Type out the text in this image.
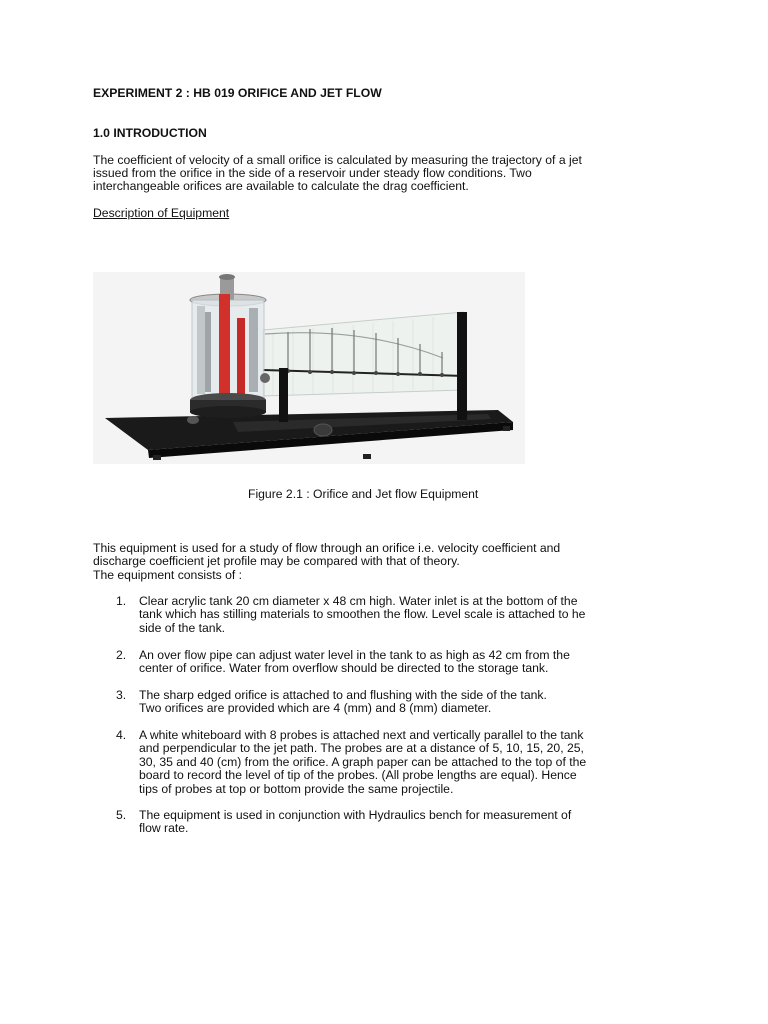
EXPERIMENT 2 : HB 019 ORIFICE AND JET FLOW
1.0 INTRODUCTION
The coefficient of velocity of a small orifice is calculated by measuring the trajectory of a jet
issued from the orifice in the side of a reservoir under steady flow conditions. Two
interchangeable orifices are available to calculate the drag coefficient.
Description of Equipment
Figure 2.1 : Orifice and Jet flow Equipment
This equipment is used for a study of flow through an orifice i.e. velocity coefficient and
discharge coefficient jet profile may be compared with that of theory.
The equipment consists of :
1.	Clear acrylic tank 20 cm diameter x 48 cm high. Water inlet is at the bottom of the
tank which has stilling materials to smoothen the flow. Level scale is attached to he
side of the tank.
2.	An over flow pipe can adjust water level in the tank to as high as 42 cm from the
center of orifice. Water from overflow should be directed to the storage tank.
3.	The sharp edged orifice is attached to and flushing with the side of the tank.
Two orifices are provided which are 4 (mm) and 8 (mm) diameter.
4.	A white whiteboard with 8 probes is attached next and vertically parallel to the tank
and perpendicular to the jet path. The probes are at a distance of 5, 10, 15, 20, 25,
30, 35 and 40 (cm) from the orifice. A graph paper can be attached to the top of the
board to record the level of tip of the probes. (All probe lengths are equal). Hence
tips of probes at top or bottom provide the same projectile.
5.	The equipment is used in conjunction with Hydraulics bench for measurement of
flow rate.
